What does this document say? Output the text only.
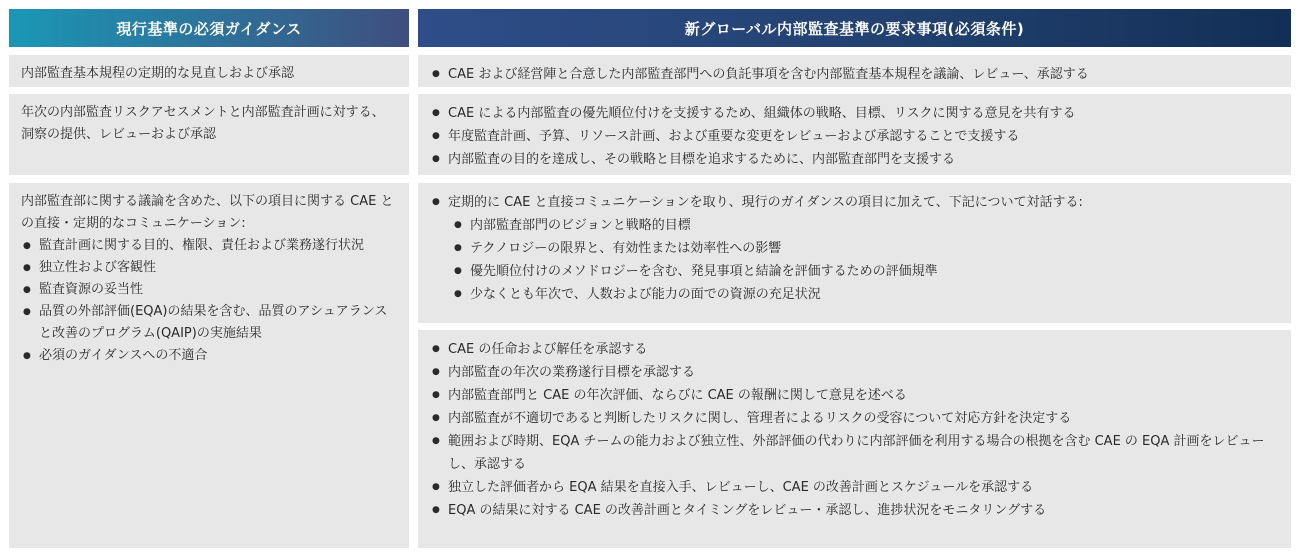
現行基準の必須ガイダンス	新グローバル内部監査基準の要求事項(必須条件)
内部監査基本規程の定期的な見直しおよび承認
●	CAE および経営陣と合意した内部監査部門への負託事項を含む内部監査基本規程を議論、レビュー、承認する
年次の内部監査リスクアセスメントと内部監査計画に対する、洞察の提供、レビューおよび承認
● CAE による内部監査の優先順位付けを支援するため、組織体の戦略、目標、リスクに関する意見を共有する
● 年度監査計画、予算、リソース計画、および重要な変更をレビューおよび承認することで支援する
● 内部監査の目的を達成し、その戦略と目標を追求するために、内部監査部門を支援する
内部監査部に関する議論を含めた、以下の項目に関する CAE との直接・定期的なコミュニケーション:
● 監査計画に関する目的、権限、責任および業務遂行状況
● 独立性および客観性
● 監査資源の妥当性
● 品質の外部評価(EQA)の結果を含む、品質のアシュアランスと改善のプログラム(QAIP)の実施結果
● 必須のガイダンスへの不適合
● 定期的に CAE と直接コミュニケーションを取り、現行のガイダンスの項目に加えて、下記について対話する:
● 内部監査部門のビジョンと戦略的目標
● テクノロジーの限界と、有効性または効率性への影響
● 優先順位付けのメソドロジーを含む、発見事項と結論を評価するための評価規準
● 少なくとも年次で、人数および能力の面での資源の充足状況
● CAE の任命および解任を承認する
● 内部監査の年次の業務遂行目標を承認する
● 内部監査部門と CAE の年次評価、ならびに CAE の報酬に関して意見を述べる
● 内部監査が不適切であると判断したリスクに関し、管理者によるリスクの受容について対応方針を決定する
● 範囲および時期、EQA チームの能力および独立性、外部評価の代わりに内部評価を利用する場合の根拠を含む CAE の EQA 計画をレビューし、承認する
● 独立した評価者から EQA 結果を直接入手、レビューし、CAE の改善計画とスケジュールを承認する
● EQA の結果に対する CAE の改善計画とタイミングをレビュー・承認し、進捗状況をモニタリングする
